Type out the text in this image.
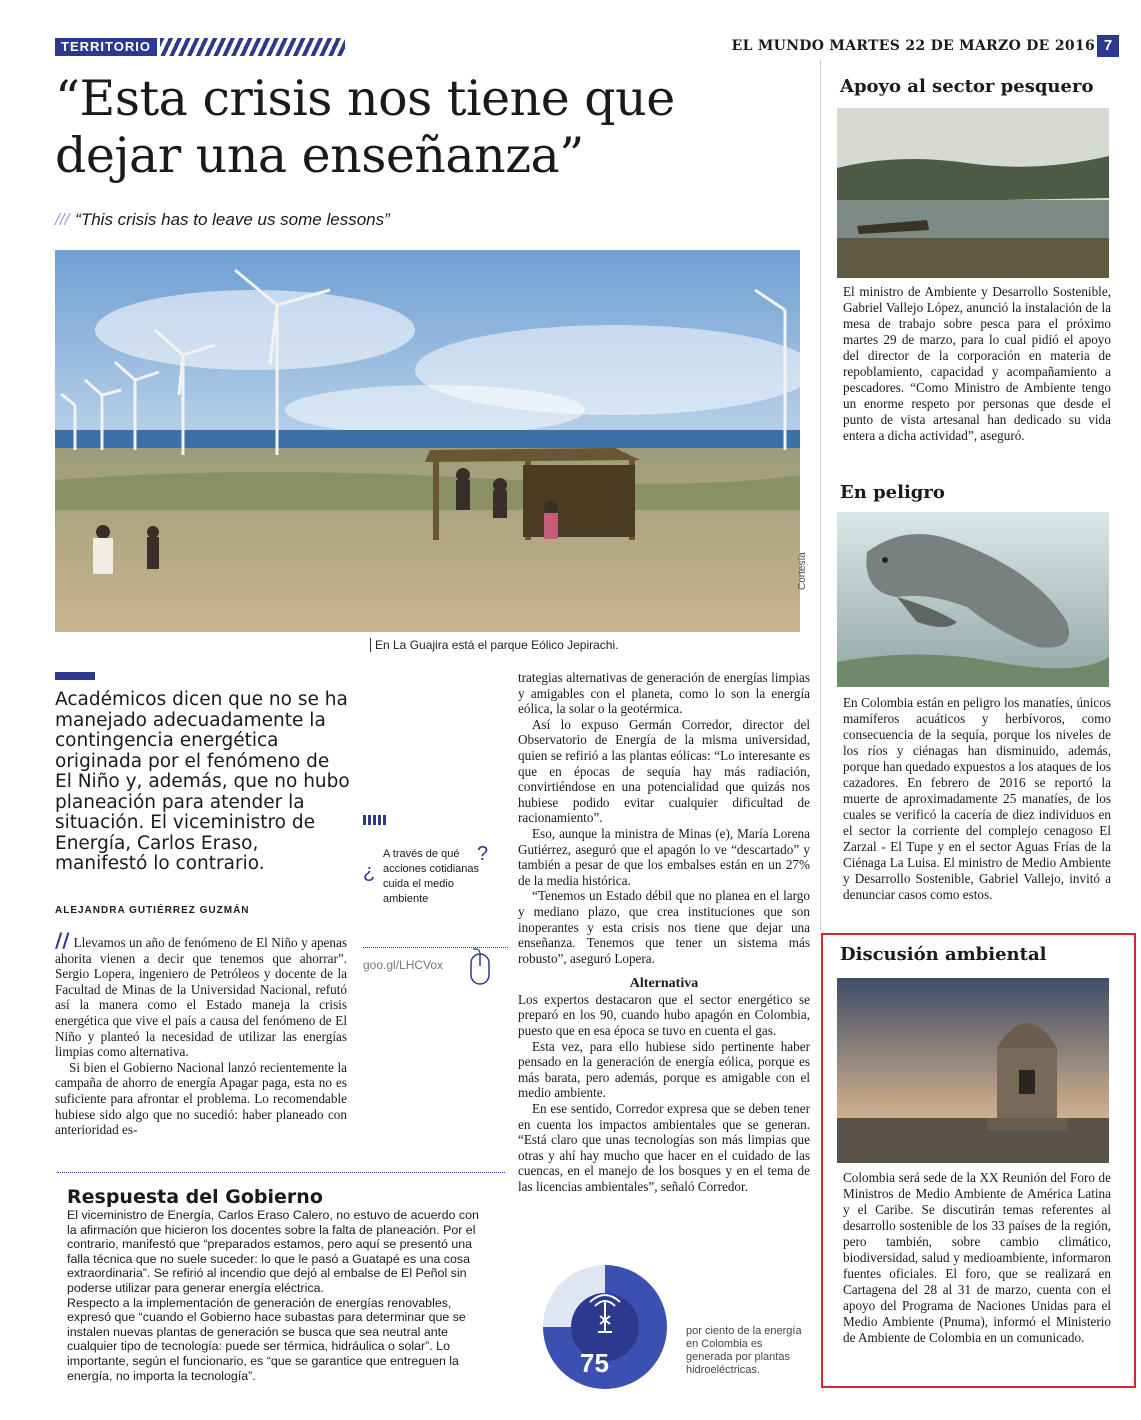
TERRITORIO	EL MUNDO MARTES 22 DE MARZO DE 2016 7
“Esta crisis nos tiene que dejar una enseñanza”
/// “This crisis has to leave us some lessons”
Cortesía
En La Guajira está el parque Eólico Jepirachi.
Académicos dicen que no se ha manejado adecuadamente la contingencia energética originada por el fenómeno de El Niño y, además, que no hubo planeación para atender la situación. El viceministro de Energía, Carlos Eraso, manifestó lo contrario.
ALEJANDRA GUTIÉRREZ GUZMÁN

// Llevamos un año de fenómeno de El Niño y apenas ahorita vienen a decir que tenemos que ahorrar”. Sergio Lopera, ingeniero de Petróleos y docente de la Facultad de Minas de la Universidad Nacional, refutó así la manera como el Estado maneja la crisis energética que vive el país a causa del fenómeno de El Niño y planteó la necesidad de utilizar las energías limpias como alternativa.

Si bien el Gobierno Nacional lanzó recientemente la campaña de ahorro de energía Apagar paga, esta no es suficiente para afrontar el problema. Lo recomendable hubiese sido algo que no sucedió: haber planeado con anterioridad es-

¿
?
A través de qué acciones cotidianas cuida el medio ambiente
goo.gl/LHCVox

trategias alternativas de generación de energías limpias y amigables con el planeta, como lo son la energía eólica, la solar o la geotérmica.

Así lo expuso Germán Corredor, director del Observatorio de Energía de la misma universidad, quien se refirió a las plantas eólicas: “Lo interesante es que en épocas de sequía hay más radiación, convirtiéndose en una potencialidad que quizás nos hubiese podido evitar cualquier dificultad de racionamiento”.

Eso, aunque la ministra de Minas (e), María Lorena Gutiérrez, aseguró que el apagón lo ve “descartado” y también a pesar de que los embalses están en un 27% de la media histórica.

“Tenemos un Estado débil que no planea en el largo y mediano plazo, que crea instituciones que son inoperantes y esta crisis nos tiene que dejar una enseñanza. Tenemos que tener un sistema más robusto”, aseguró Lopera.

Alternativa

Los expertos destacaron que el sector energético se preparó en los 90, cuando hubo apagón en Colombia, puesto que en esa época se tuvo en cuenta el gas.

Esta vez, para ello hubiese sido pertinente haber pensado en la generación de energía eólica, porque es más barata, pero además, porque es amigable con el medio ambiente.

En ese sentido, Corredor expresa que se deben tener en cuenta los impactos ambientales que se generan. “Está claro que unas tecnologías son más limpias que otras y ahí hay mucho que hacer en el cuidado de las cuencas, en el manejo de los bosques y en el tema de las licencias ambientales”, señaló Corredor.

Respuesta del Gobierno

El viceministro de Energía, Carlos Eraso Calero, no estuvo de acuerdo con la afirmación que hicieron los docentes sobre la falta de planeación. Por el contrario, manifestó que “preparados estamos, pero aquí se presentó una falla técnica que no suele suceder: lo que le pasó a Guatapé es una cosa extraordinaria”. Se refirió al incendio que dejó al embalse de El Peñol sin poderse utilizar para generar energía eléctrica.

Respecto a la implementación de generación de energías renovables, expresó que “cuando el Gobierno hace subastas para determinar que se instalen nuevas plantas de generación se busca que sea neutral ante cualquier tipo de tecnología: puede ser térmica, hidráulica o solar”. Lo importante, según el funcionario, es “que se garantice que entreguen la energía, no importa la tecnología”.	75
por ciento de la energía en Colombia es generada por plantas hidroeléctricas.
Apoyo al sector pesquero
El ministro de Ambiente y Desarrollo Sostenible, Gabriel Vallejo López, anunció la instalación de la mesa de trabajo sobre pesca para el próximo martes 29 de marzo, para lo cual pidió el apoyo del director de la corporación en materia de repoblamiento, capacidad y acompañamiento a pescadores. “Como Ministro de Ambiente tengo un enorme respeto por personas que desde el punto de vista artesanal han dedicado su vida entera a dicha actividad”, aseguró.
En peligro
En Colombia están en peligro los manatíes, únicos mamíferos acuáticos y herbívoros, como consecuencia de la sequía, porque los niveles de los ríos y ciénagas han disminuido, además, porque han quedado expuestos a los ataques de los cazadores. En febrero de 2016 se reportó la muerte de aproximadamente 25 manatíes, de los cuales se verificó la cacería de diez individuos en el sector la corriente del complejo cenagoso El Zarzal - El Tupe y en el sector Aguas Frías de la Ciénaga La Luisa. El ministro de Medio Ambiente y Desarrollo Sostenible, Gabriel Vallejo, invitó a denunciar casos como estos.
Discusión ambiental
Colombia será sede de la XX Reunión del Foro de Ministros de Medio Ambiente de América Latina y el Caribe. Se discutirán temas referentes al desarrollo sostenible de los 33 países de la región, pero también, sobre cambio climático, biodiversidad, salud y medioambiente, informaron fuentes oficiales. El foro, que se realizará en Cartagena del 28 al 31 de marzo, cuenta con el apoyo del Programa de Naciones Unidas para el Medio Ambiente (Pnuma), informó el Ministerio de Ambiente de Colombia en un comunicado.
